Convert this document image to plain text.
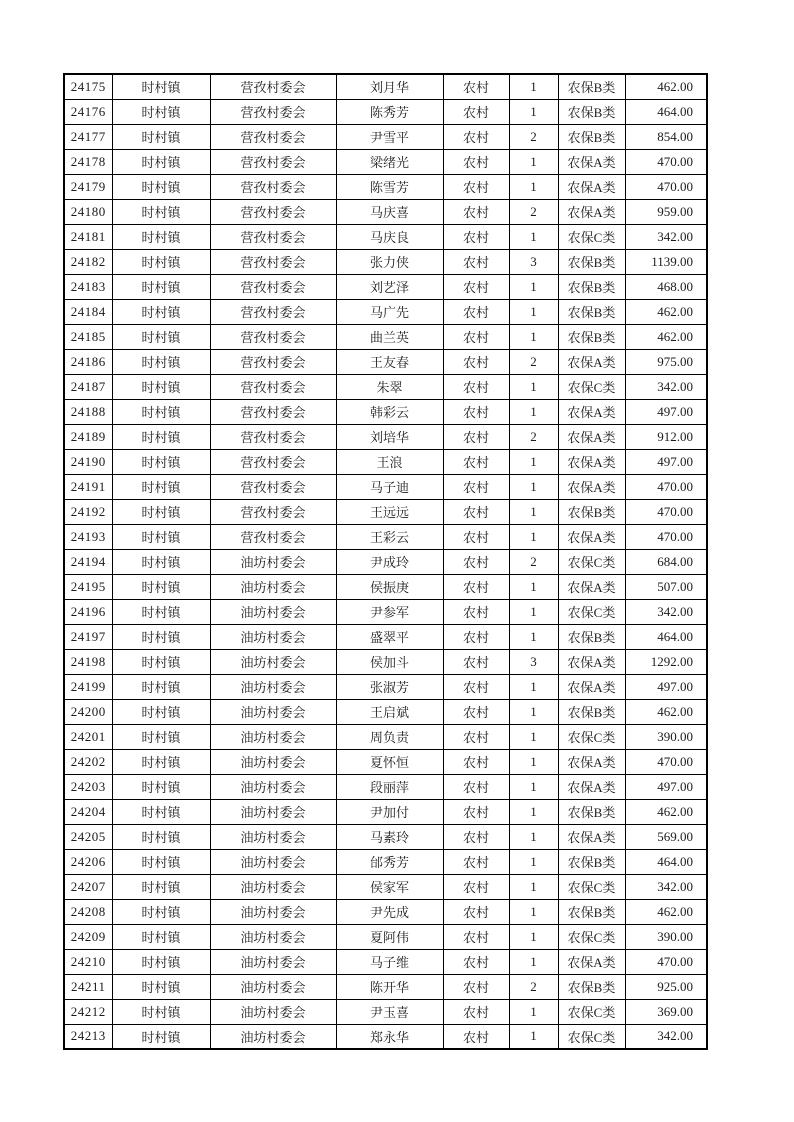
24175	时村镇	营孜村委会	刘月华	农村	1	农保B类	462.00
24176	时村镇	营孜村委会	陈秀芳	农村	1	农保B类	464.00
24177	时村镇	营孜村委会	尹雪平	农村	2	农保B类	854.00
24178	时村镇	营孜村委会	梁绪光	农村	1	农保A类	470.00
24179	时村镇	营孜村委会	陈雪芳	农村	1	农保A类	470.00
24180	时村镇	营孜村委会	马庆喜	农村	2	农保A类	959.00
24181	时村镇	营孜村委会	马庆良	农村	1	农保C类	342.00
24182	时村镇	营孜村委会	张力侠	农村	3	农保B类	1139.00
24183	时村镇	营孜村委会	刘艺泽	农村	1	农保B类	468.00
24184	时村镇	营孜村委会	马广先	农村	1	农保B类	462.00
24185	时村镇	营孜村委会	曲兰英	农村	1	农保B类	462.00
24186	时村镇	营孜村委会	王友春	农村	2	农保A类	975.00
24187	时村镇	营孜村委会	朱翠	农村	1	农保C类	342.00
24188	时村镇	营孜村委会	韩彩云	农村	1	农保A类	497.00
24189	时村镇	营孜村委会	刘培华	农村	2	农保A类	912.00
24190	时村镇	营孜村委会	王浪	农村	1	农保A类	497.00
24191	时村镇	营孜村委会	马子迪	农村	1	农保A类	470.00
24192	时村镇	营孜村委会	王远远	农村	1	农保B类	470.00
24193	时村镇	营孜村委会	王彩云	农村	1	农保A类	470.00
24194	时村镇	油坊村委会	尹成玲	农村	2	农保C类	684.00
24195	时村镇	油坊村委会	侯振庚	农村	1	农保A类	507.00
24196	时村镇	油坊村委会	尹参军	农村	1	农保C类	342.00
24197	时村镇	油坊村委会	盛翠平	农村	1	农保B类	464.00
24198	时村镇	油坊村委会	侯加斗	农村	3	农保A类	1292.00
24199	时村镇	油坊村委会	张淑芳	农村	1	农保A类	497.00
24200	时村镇	油坊村委会	王启斌	农村	1	农保B类	462.00
24201	时村镇	油坊村委会	周负责	农村	1	农保C类	390.00
24202	时村镇	油坊村委会	夏怀恒	农村	1	农保A类	470.00
24203	时村镇	油坊村委会	段丽萍	农村	1	农保A类	497.00
24204	时村镇	油坊村委会	尹加付	农村	1	农保B类	462.00
24205	时村镇	油坊村委会	马素玲	农村	1	农保A类	569.00
24206	时村镇	油坊村委会	邰秀芳	农村	1	农保B类	464.00
24207	时村镇	油坊村委会	侯家军	农村	1	农保C类	342.00
24208	时村镇	油坊村委会	尹先成	农村	1	农保B类	462.00
24209	时村镇	油坊村委会	夏阿伟	农村	1	农保C类	390.00
24210	时村镇	油坊村委会	马子维	农村	1	农保A类	470.00
24211	时村镇	油坊村委会	陈开华	农村	2	农保B类	925.00
24212	时村镇	油坊村委会	尹玉喜	农村	1	农保C类	369.00
24213	时村镇	油坊村委会	郑永华	农村	1	农保C类	342.00
